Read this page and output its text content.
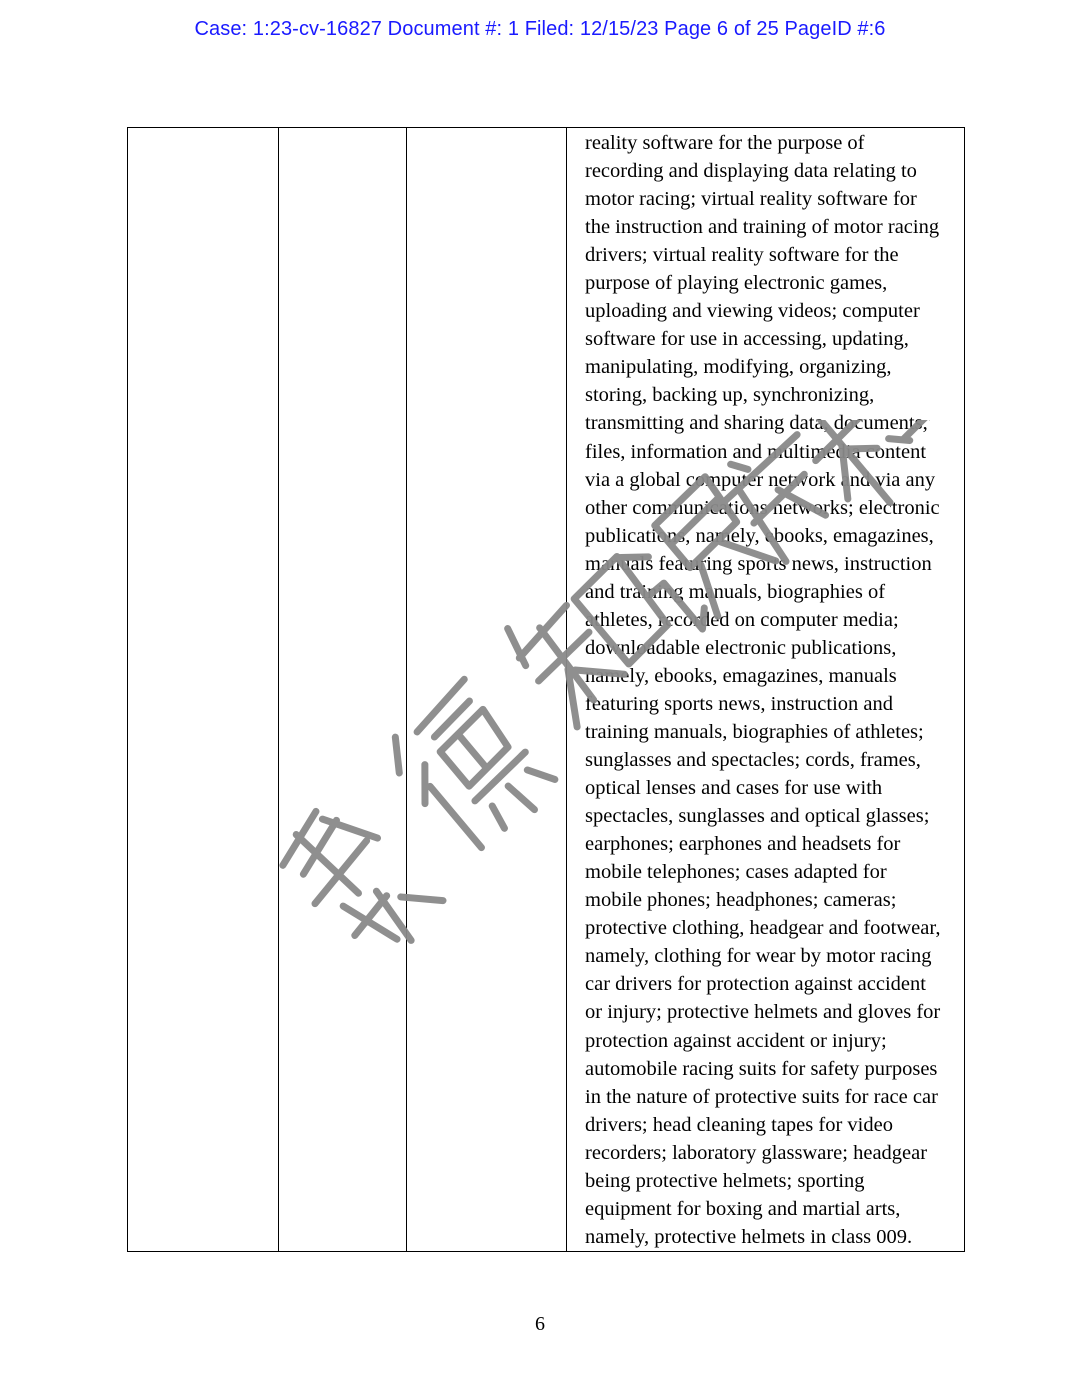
Case: 1:23-cv-16827 Document #: 1 Filed: 12/15/23 Page 6 of 25 PageID #:6

reality software for the purpose of
recording and displaying data relating to
motor racing; virtual reality software for
the instruction and training of motor racing
drivers; virtual reality software for the
purpose of playing electronic games,
uploading and viewing videos; computer
software for use in accessing, updating,
manipulating, modifying, organizing,
storing, backing up, synchronizing,
transmitting and sharing data, documents,
files, information and multimedia content
via a global computer network and via any
other communications networks; electronic
publications, namely, ebooks, emagazines,
manuals featuring sports news, instruction
and training manuals, biographies of
athletes, recorded on computer media;
downloadable electronic publications,
namely, ebooks, emagazines, manuals
featuring sports news, instruction and
training manuals, biographies of athletes;
sunglasses and spectacles; cords, frames,
optical lenses and cases for use with
spectacles, sunglasses and optical glasses;
earphones; earphones and headsets for
mobile telephones; cases adapted for
mobile phones; headphones; cameras;
protective clothing, headgear and footwear,
namely, clothing for wear by motor racing
car drivers for protection against accident
or injury; protective helmets and gloves for
protection against accident or injury;
automobile racing suits for safety purposes
in the nature of protective suits for race car
drivers; head cleaning tapes for video
recorders; laboratory glassware; headgear
being protective helmets; sporting
equipment for boxing and martial arts,
namely, protective helmets in class 009.
6
